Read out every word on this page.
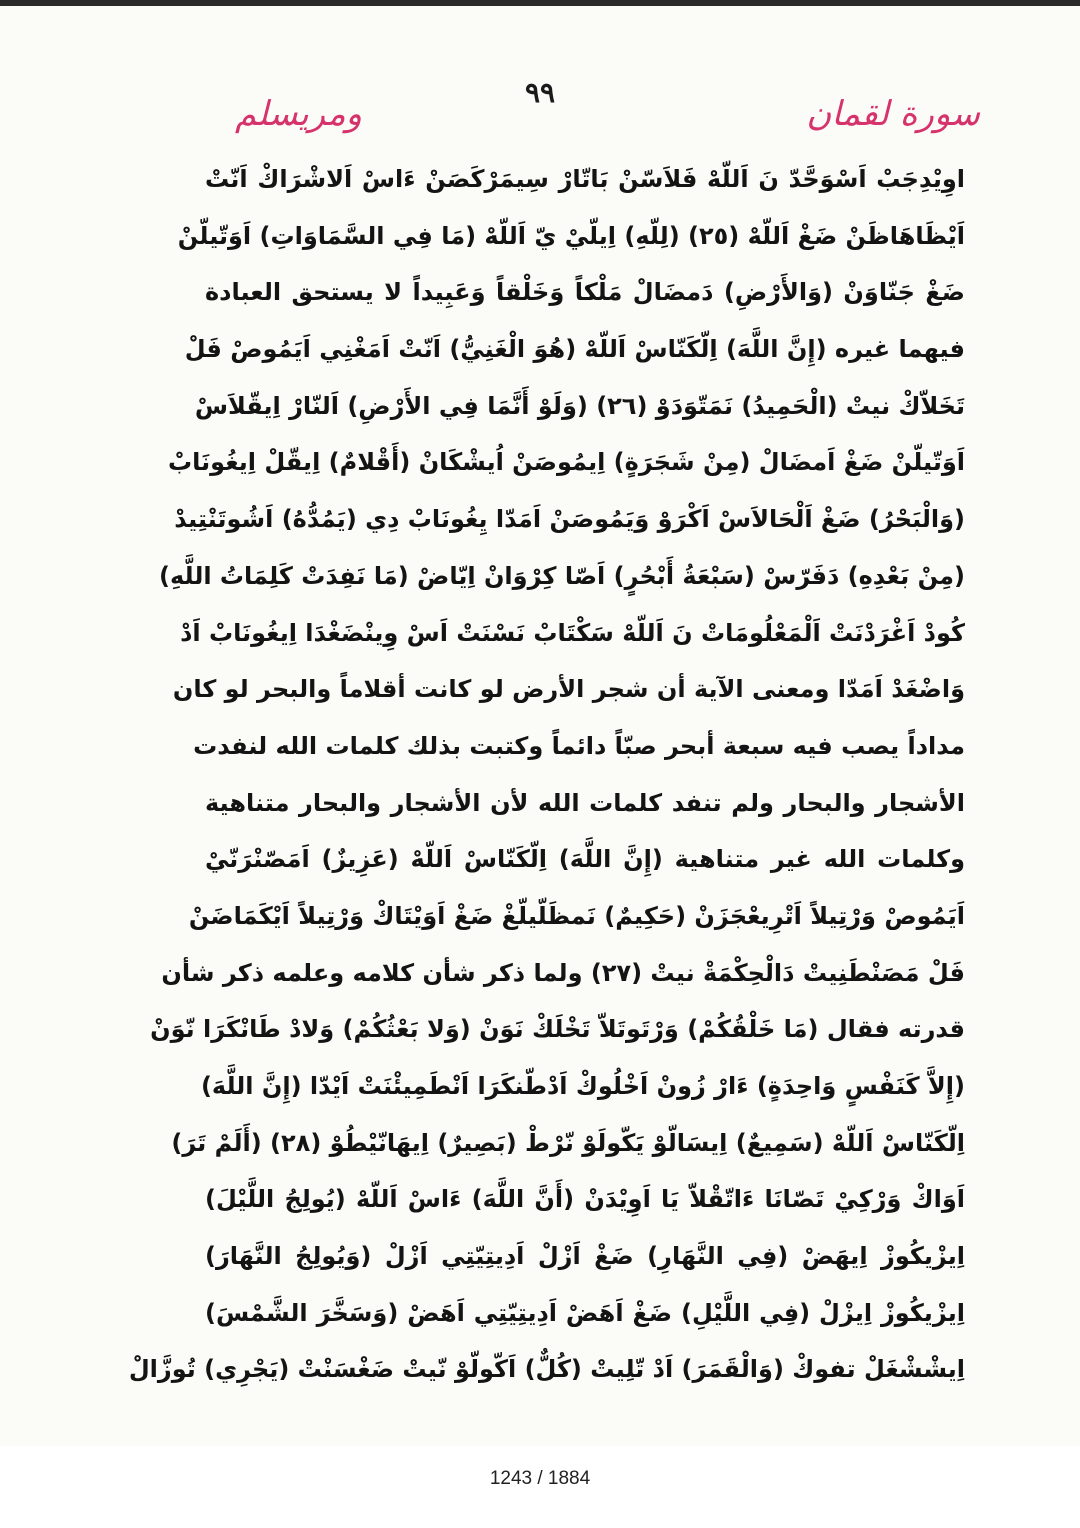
٩٩
سورة لقمان
ومريسلم
اوِيْدِجَبْ اَسْوَحَّدّ نَ اَللّهْ فَلاَسّنْ بَاتّارْ سِيمَرْكَصَنْ ءَاسْ اَلاشْرَاكْ اَنّتْ
اَيْظَاهَاظَنْ ضَغْ اَللّهْ (٢٥) (لِلّهِ) اِيلّيْ يّ اَللّهْ (مَا فِي السَّمَاوَاتِ) اَوَتّيلّنْ
ضَغْ جَنّاوَنْ (وَالأَرْضِ) دَمضَالْ مَلْكاً وَخَلْقاً وَعَبِيداً لا يستحق العبادة
فيهما غيره (إِنَّ اللَّهَ) اِلّكَنّاسْ اَللّهْ (هُوَ الْغَنِيُّ) اَنّتْ اَمَغْنِي اَيَمُوصْ فَلْ
تَخَلاّكْ نيتْ (الْحَمِيدُ) نَمَتّوَدَوْ (٢٦) (وَلَوْ أَنَّمَا فِي الأَرْضِ) اَلنّارْ اِيقّلاَسْ
اَوَتّيلّنْ ضَغْ اَمضَالْ (مِنْ شَجَرَةٍ) اِيمُوصَنْ اُيشْكَانْ (أَقْلامٌ) اِيقّلْ اِيغُونَابْ
(وَالْبَحْرُ) ضَغْ اَلْحَالاَسْ اَكْرَوْ وَيَمُوصَنْ اَمَدّا يِغُونَابْ دِي (يَمُدُّهُ) اَشُوتَنْتِيدْ
(مِنْ بَعْدِهِ) دَفَرّسْ (سَبْعَةُ أَبْحُرٍ) اَصّا كِرْوَانْ اِيّاضْ (مَا نَفِدَتْ كَلِمَاتُ اللَّهِ)
كُودْ اَغْرَدْنَتْ اَلْمَعْلُومَاتْ نَ اَللّهْ سَكْتَابْ نَسْنَتْ اَسْ وِينْضَغْدَا اِيغُونَابْ اَدْ
وَاضْغَدْ اَمَدّا ومعنى الآية أن شجر الأرض لو كانت أقلاماً والبحر لو كان
مداداً يصب فيه سبعة أبحر صبّاً دائماً وكتبت بذلك كلمات الله لنفدت
الأشجار والبحار ولم تنفد كلمات الله لأن الأشجار والبحار متناهية
وكلمات الله غير متناهية (إِنَّ اللَّهَ) اِلّكَنّاسْ اَللّهْ (عَزِيزٌ) اَمَصّنْرَنّيْ
اَيَمُوصْ وَرْتِيلاً اَتْرِيعْجَزَنْ (حَكِيمٌ) نَمظَلّيلّغْ ضَغْ اَوَيْتَاكْ وَرْتِيلاً اَيْكَمَاضَنْ
فَلْ مَصَنْطَنِيتْ دَالْحِكْمَةْ نيتْ (٢٧) ولما ذكر شأن كلامه وعلمه ذكر شأن
قدرته فقال (مَا خَلْقُكُمْ) وَرْتَوتَلاّ تَخْلَكْ نَوَنْ (وَلا بَعْثُكُمْ) وَلادْ طَانْكَرَا نّوَنْ
(إِلاَّ كَنَفْسٍ وَاحِدَةٍ) ءَارْ زُونْ اَخْلُوكْ اَدْطّنكَرَا اَنْطَمِيئْنَتْ اَيْدّا (إِنَّ اللَّهَ)
اِلّكَنّاسْ اَللّهْ (سَمِيعٌ) اِيسَالّوْ يَكّولَوْ نّرْطْ (بَصِيرٌ) اِيهَانّيْطُوْ (٢٨) (أَلَمْ تَرَ)
اَوَاكْ وَرْكِيْ تَصّانَا ءَاتّقْلاّ يَا اَوِيْدَنْ (أَنَّ اللَّهَ) ءَاسْ اَللّهْ (يُولِجُ اللَّيْلَ)
اِيزْيكُوزْ اِيهَضْ (فِي النَّهَارِ) ضَغْ اَزْلْ اَدِيتِيّتِي اَزْلْ (وَيُولِجُ النَّهَارَ)
اِيزْيكُوزْ اِيزْلْ (فِي اللَّيْلِ) ضَغْ اَهَضْ اَدِيتِيّتِي اَهَضْ (وَسَخَّرَ الشَّمْسَ)
اِيشْشْغَلْ تفوكْ (وَالْقَمَرَ) اَدْ تّلِيتْ (كُلٌّ) اَكّولّوْ نّيتْ ضَغْسَنْتْ (يَجْرِي) تُوزَّالْ
1243 / 1884
